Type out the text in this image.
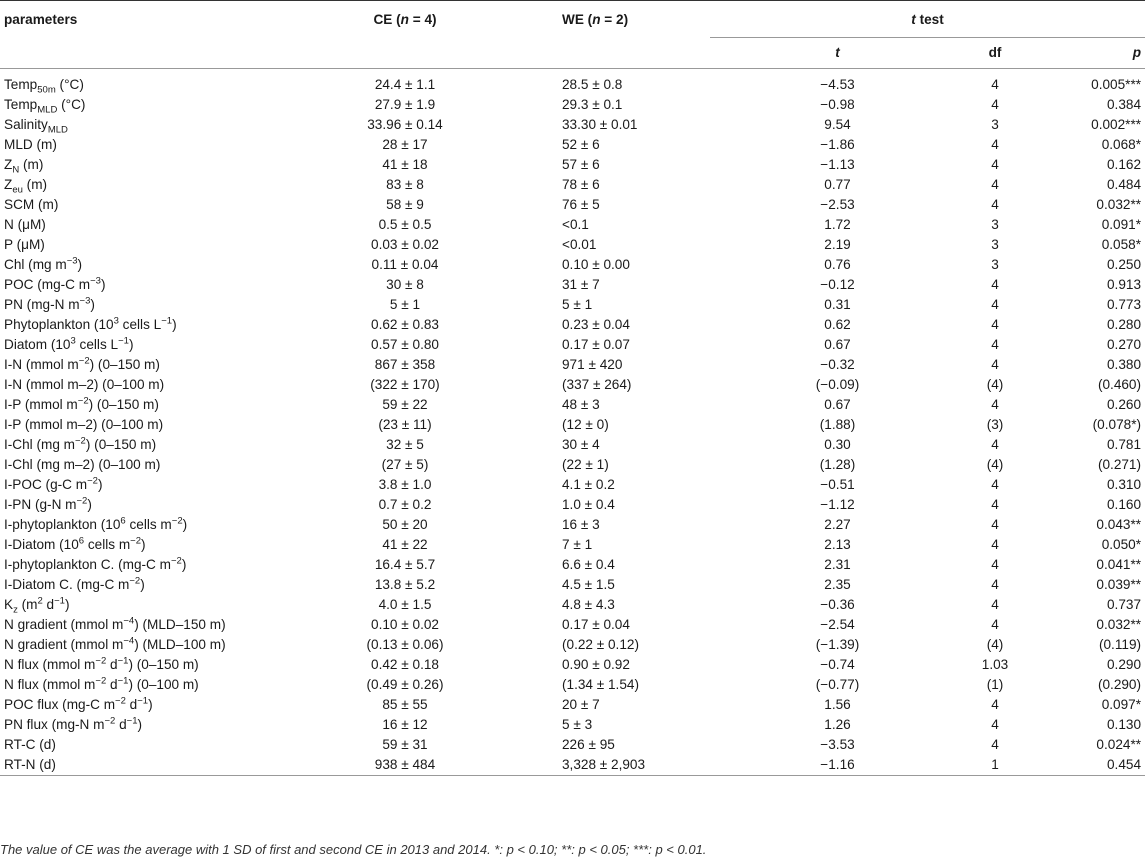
parameters	CE (n = 4)	WE (n = 2)	t test		
			t	df	p
Temp$_{50m}$ (°C)	24.4 ± 1.1	28.5 ± 0.8	−4.53	4	0.005***
Temp$_{MLD}$ (°C)	27.9 ± 1.9	29.3 ± 0.1	−0.98	4	0.384
Salinity$_{MLD}$	33.96 ± 0.14	33.30 ± 0.01	9.54	3	0.002***
MLD (m)	28 ± 17	52 ± 6	−1.86	4	0.068*
$Z_N$ (m)	41 ± 18	57 ± 6	−1.13	4	0.162
$Z_{eu}$ (m)	83 ± 8	78 ± 6	0.77	4	0.484
SCM (m)	58 ± 9	76 ± 5	−2.53	4	0.032**
N (μM)	0.5 ± 0.5	<0.1	1.72	3	0.091*
P (μM)	0.03 ± 0.02	<0.01	2.19	3	0.058*
Chl (mg $m^{-3}$)	0.11 ± 0.04	0.10 ± 0.00	0.76	3	0.250
POC (mg-C $m^{-3}$)	30 ± 8	31 ± 7	−0.12	4	0.913
PN (mg-N $m^{-3}$)	5 ± 1	5 ± 1	0.31	4	0.773
Phytoplankton ($10^3$ cells $L^{-1}$)	0.62 ± 0.83	0.23 ± 0.04	0.62	4	0.280
Diatom ($10^3$ cells $L^{-1}$)	0.57 ± 0.80	0.17 ± 0.07	0.67	4	0.270
I-N (mmol $m^{-2}$) (0–150 m)	867 ± 358	971 ± 420	−0.32	4	0.380
I-N (mmol m–2) (0–100 m)	(322 ± 170)	(337 ± 264)	(−0.09)	(4)	(0.460)
I-P (mmol $m^{-2}$) (0–150 m)	59 ± 22	48 ± 3	0.67	4	0.260
I-P (mmol m–2) (0–100 m)	(23 ± 11)	(12 ± 0)	(1.88)	(3)	(0.078*)
I-Chl (mg $m^{-2}$) (0–150 m)	32 ± 5	30 ± 4	0.30	4	0.781
I-Chl (mg m–2) (0–100 m)	(27 ± 5)	(22 ± 1)	(1.28)	(4)	(0.271)
I-POC (g-C $m^{-2}$)	3.8 ± 1.0	4.1 ± 0.2	−0.51	4	0.310
I-PN (g-N $m^{-2}$)	0.7 ± 0.2	1.0 ± 0.4	−1.12	4	0.160
I-phytoplankton ($10^6$ cells $m^{-2}$)	50 ± 20	16 ± 3	2.27	4	0.043**
I-Diatom ($10^6$ cells $m^{-2}$)	41 ± 22	7 ± 1	2.13	4	0.050*
I-phytoplankton C. (mg-C $m^{-2}$)	16.4 ± 5.7	6.6 ± 0.4	2.31	4	0.041**
I-Diatom C. (mg-C $m^{-2}$)	13.8 ± 5.2	4.5 ± 1.5	2.35	4	0.039**
$K_z$ ($m^2$ $d^{-1}$)	4.0 ± 1.5	4.8 ± 4.3	−0.36	4	0.737
N gradient (mmol $m^{-4}$) (MLD–150 m)	0.10 ± 0.02	0.17 ± 0.04	−2.54	4	0.032**
N gradient (mmol $m^{-4}$) (MLD–100 m)	(0.13 ± 0.06)	(0.22 ± 0.12)	(−1.39)	(4)	(0.119)
N flux (mmol $m^{-2}$ $d^{-1}$) (0–150 m)	0.42 ± 0.18	0.90 ± 0.92	−0.74	1.03	0.290
N flux (mmol $m^{-2}$ $d^{-1}$) (0–100 m)	(0.49 ± 0.26)	(1.34 ± 1.54)	(−0.77)	(1)	(0.290)
POC flux (mg-C $m^{-2}$ $d^{-1}$)	85 ± 55	20 ± 7	1.56	4	0.097*
PN flux (mg-N $m^{-2}$ $d^{-1}$)	16 ± 12	5 ± 3	1.26	4	0.130
RT-C (d)	59 ± 31	226 ± 95	−3.53	4	0.024**
RT-N (d)	938 ± 484	3,328 ± 2,903	−1.16	1	0.454
The value of CE was the average with 1 SD of first and second CE in 2013 and 2014. *: p < 0.10; **: p < 0.05; ***: p < 0.01.
